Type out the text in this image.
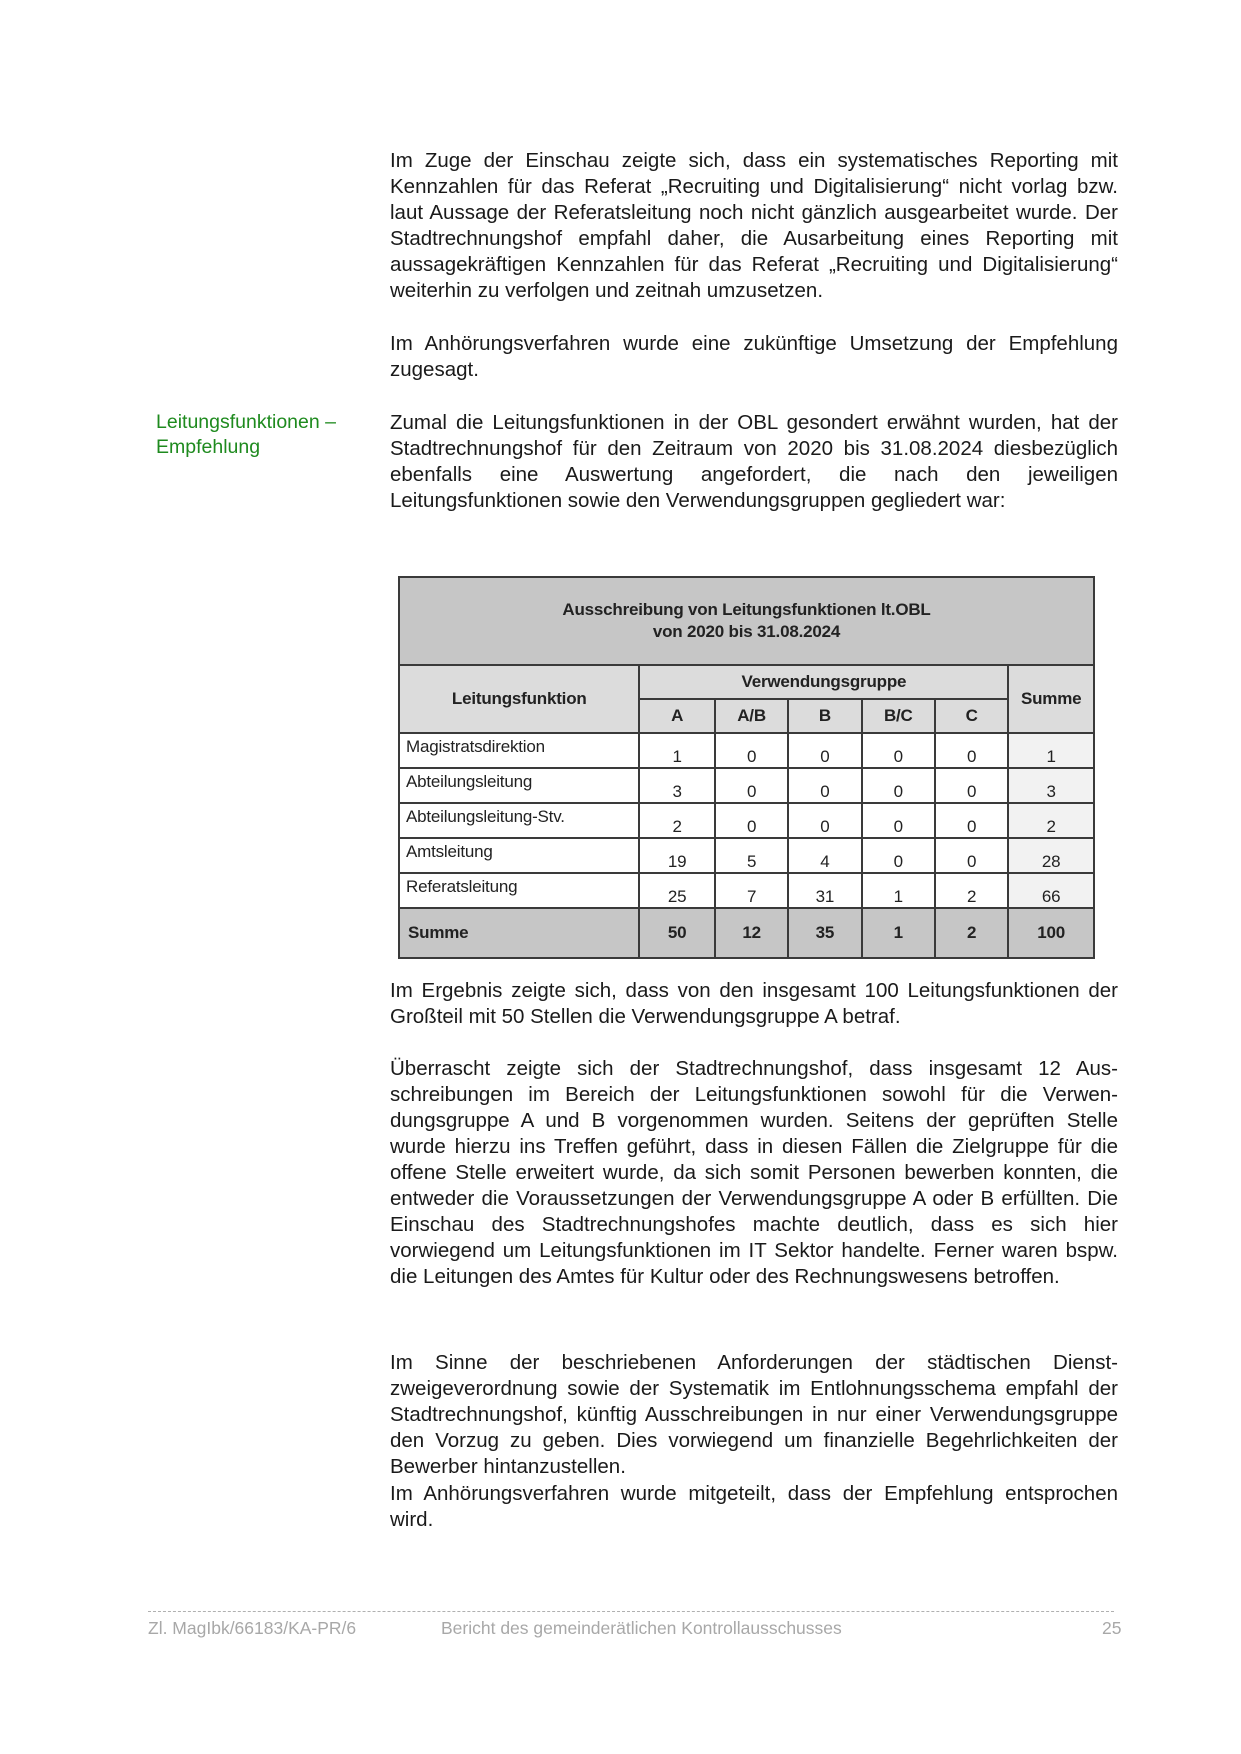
Leitungsfunktionen –
Empfehlung

Im Zuge der Einschau zeigte sich, dass ein systematisches Reporting mit Kennzahlen für das Referat „Recruiting und Digitalisierung“ nicht vorlag bzw. laut Aussage der Referatsleitung noch nicht gänzlich ausgearbeitet wurde. Der Stadtrechnungshof empfahl daher, die Ausarbeitung eines Reporting mit aussagekräftigen Kennzahlen für das Referat „Recruiting und Digitalisierung“ weiterhin zu verfolgen und zeitnah umzusetzen.

Im Anhörungsverfahren wurde eine zukünftige Umsetzung der Empfehlung zugesagt.

Zumal die Leitungsfunktionen in der OBL gesondert erwähnt wurden, hat der Stadtrechnungshof für den Zeitraum von 2020 bis 31.08.2024 diesbezüglich ebenfalls eine Auswertung angefordert, die nach den jeweiligen Leitungsfunktionen sowie den Verwendungsgruppen gegliedert war:

Ausschreibung von Leitungsfunktionen lt.OBL
von 2020 bis 31.08.2024						

Leitungsfunktion	Verwendungsgruppe					Summe
	A	A/B	B	B/C	C	
Magistratsdirektion	1	0	0	0	0	1
Abteilungsleitung	3	0	0	0	0	3
Abteilungsleitung-Stv.	2	0	0	0	0	2
Amtsleitung	19	5	4	0	0	28
Referatsleitung	25	7	31	1	2	66
Summe	50	12	35	1	2	100

Im Ergebnis zeigte sich, dass von den insgesamt 100 Leitungsfunktionen der Großteil mit 50 Stellen die Verwendungsgruppe A betraf.

Überrascht zeigte sich der Stadtrechnungshof, dass insgesamt 12 Ausschreibungen im Bereich der Leitungsfunktionen sowohl für die Verwendungsgruppe A und B vorgenommen wurden. Seitens der geprüften Stelle wurde hierzu ins Treffen geführt, dass in diesen Fällen die Zielgruppe für die offene Stelle erweitert wurde, da sich somit Personen bewerben konnten, die entweder die Voraussetzungen der Verwendungsgruppe A oder B erfüllten. Die Einschau des Stadtrechnungshofes machte deutlich, dass es sich hier vorwiegend um Leitungsfunktionen im IT Sektor handelte. Ferner waren bspw. die Leitungen des Amtes für Kultur oder des Rechnungswesens betroffen.

Im Sinne der beschriebenen Anforderungen der städtischen Dienstzweigeverordnung sowie der Systematik im Entlohnungsschema empfahl der Stadtrechnungshof, künftig Ausschreibungen in nur einer Verwendungsgruppe den Vorzug zu geben. Dies vorwiegend um finanzielle Begehrlichkeiten der Bewerber hintanzustellen.

Im Anhörungsverfahren wurde mitgeteilt, dass der Empfehlung entsprochen wird.

Zl. MagIbk/66183/KA-PR/6	Bericht des gemeinderätlichen Kontrollausschusses	25
